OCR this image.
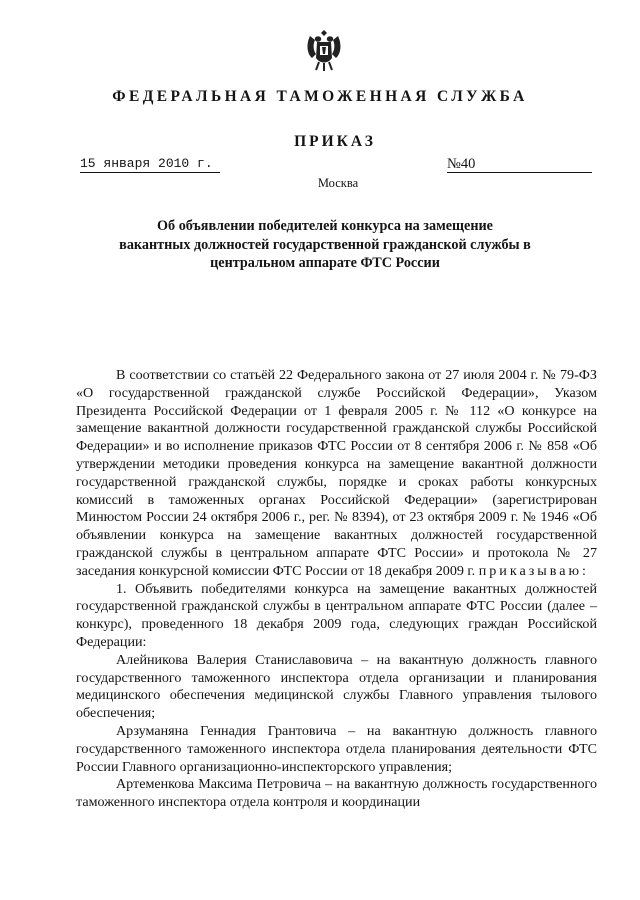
ФЕДЕРАЛЬНАЯ ТАМОЖЕННАЯ СЛУЖБА
ПРИКАЗ
15 января 2010 г.	№40
Москва
Об объявлении победителей конкурса на замещение
вакантных должностей государственной гражданской службы в
центральном аппарате ФТС России

В соответствии со статьёй 22 Федерального закона от 27 июля 2004 г. № 79-ФЗ «О государственной гражданской службе Российской Федерации», Указом Президента Российской Федерации от 1 февраля 2005 г. № 112 «О конкурсе на замещение вакантной должности государственной гражданской службы Российской Федерации» и во исполнение приказов ФТС России от 8 сентября 2006 г. № 858 «Об утверждении методики проведения конкурса на замещение вакантной должности государственной гражданской службы, порядке и сроках работы конкурсных комиссий в таможенных органах Российской Федерации» (зарегистрирован Минюстом России 24 октября 2006 г., рег. № 8394), от 23 октября 2009 г. № 1946 «Об объявлении конкурса на замещение вакантных должностей государственной гражданской службы в центральном аппарате ФТС России» и протокола № 27 заседания конкурсной комиссии ФТС России от 18 декабря 2009 г. приказываю:

1. Объявить победителями конкурса на замещение вакантных должностей государственной гражданской службы в центральном аппарате ФТС России (далее – конкурс), проведенного 18 декабря 2009 года, следующих граждан Российской Федерации:

Алейникова Валерия Станиславовича – на вакантную должность главного государственного таможенного инспектора отдела организации и планирования медицинского обеспечения медицинской службы Главного управления тылового обеспечения;

Арзуманяна Геннадия Грантовича – на вакантную должность главного государственного таможенного инспектора отдела планирования деятельности ФТС России Главного организационно-инспекторского управления;

Артеменкова Максима Петровича – на вакантную должность государственного таможенного инспектора отдела контроля и координации
